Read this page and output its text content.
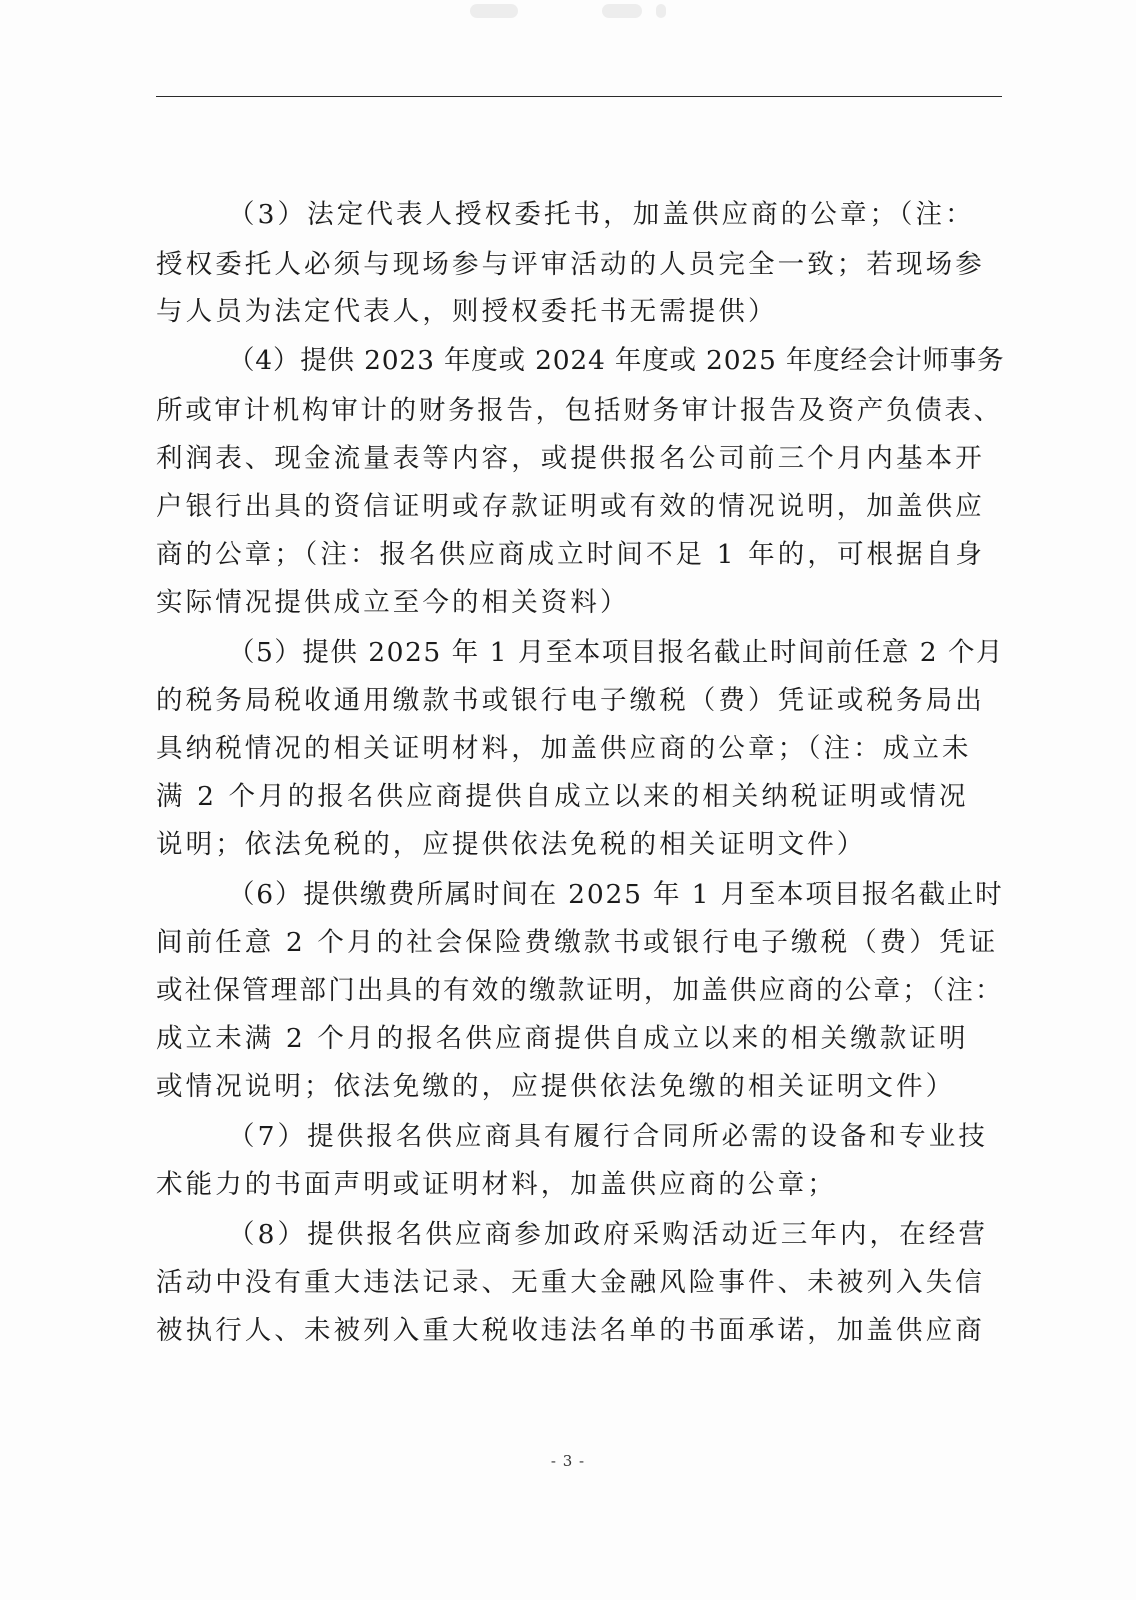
（3）法定代表人授权委托书，加盖供应商的公章；（注：
授权委托人必须与现场参与评审活动的人员完全一致；若现场参
与人员为法定代表人，则授权委托书无需提供）
（4）提供 2023 年度或 2024 年度或 2025 年度经会计师事务
所或审计机构审计的财务报告，包括财务审计报告及资产负债表、
利润表、现金流量表等内容，或提供报名公司前三个月内基本开
户银行出具的资信证明或存款证明或有效的情况说明，加盖供应
商的公章；（注：报名供应商成立时间不足 1 年的，可根据自身
实际情况提供成立至今的相关资料）
（5）提供 2025 年 1 月至本项目报名截止时间前任意 2 个月
的税务局税收通用缴款书或银行电子缴税（费）凭证或税务局出
具纳税情况的相关证明材料，加盖供应商的公章；（注：成立未
满 2 个月的报名供应商提供自成立以来的相关纳税证明或情况
说明；依法免税的，应提供依法免税的相关证明文件）
（6）提供缴费所属时间在 2025 年 1 月至本项目报名截止时
间前任意 2 个月的社会保险费缴款书或银行电子缴税（费）凭证
或社保管理部门出具的有效的缴款证明，加盖供应商的公章；（注：
成立未满 2 个月的报名供应商提供自成立以来的相关缴款证明
或情况说明；依法免缴的，应提供依法免缴的相关证明文件）
（7）提供报名供应商具有履行合同所必需的设备和专业技
术能力的书面声明或证明材料，加盖供应商的公章；
（8）提供报名供应商参加政府采购活动近三年内，在经营
活动中没有重大违法记录、无重大金融风险事件、未被列入失信
被执行人、未被列入重大税收违法名单的书面承诺，加盖供应商
- 3 -
